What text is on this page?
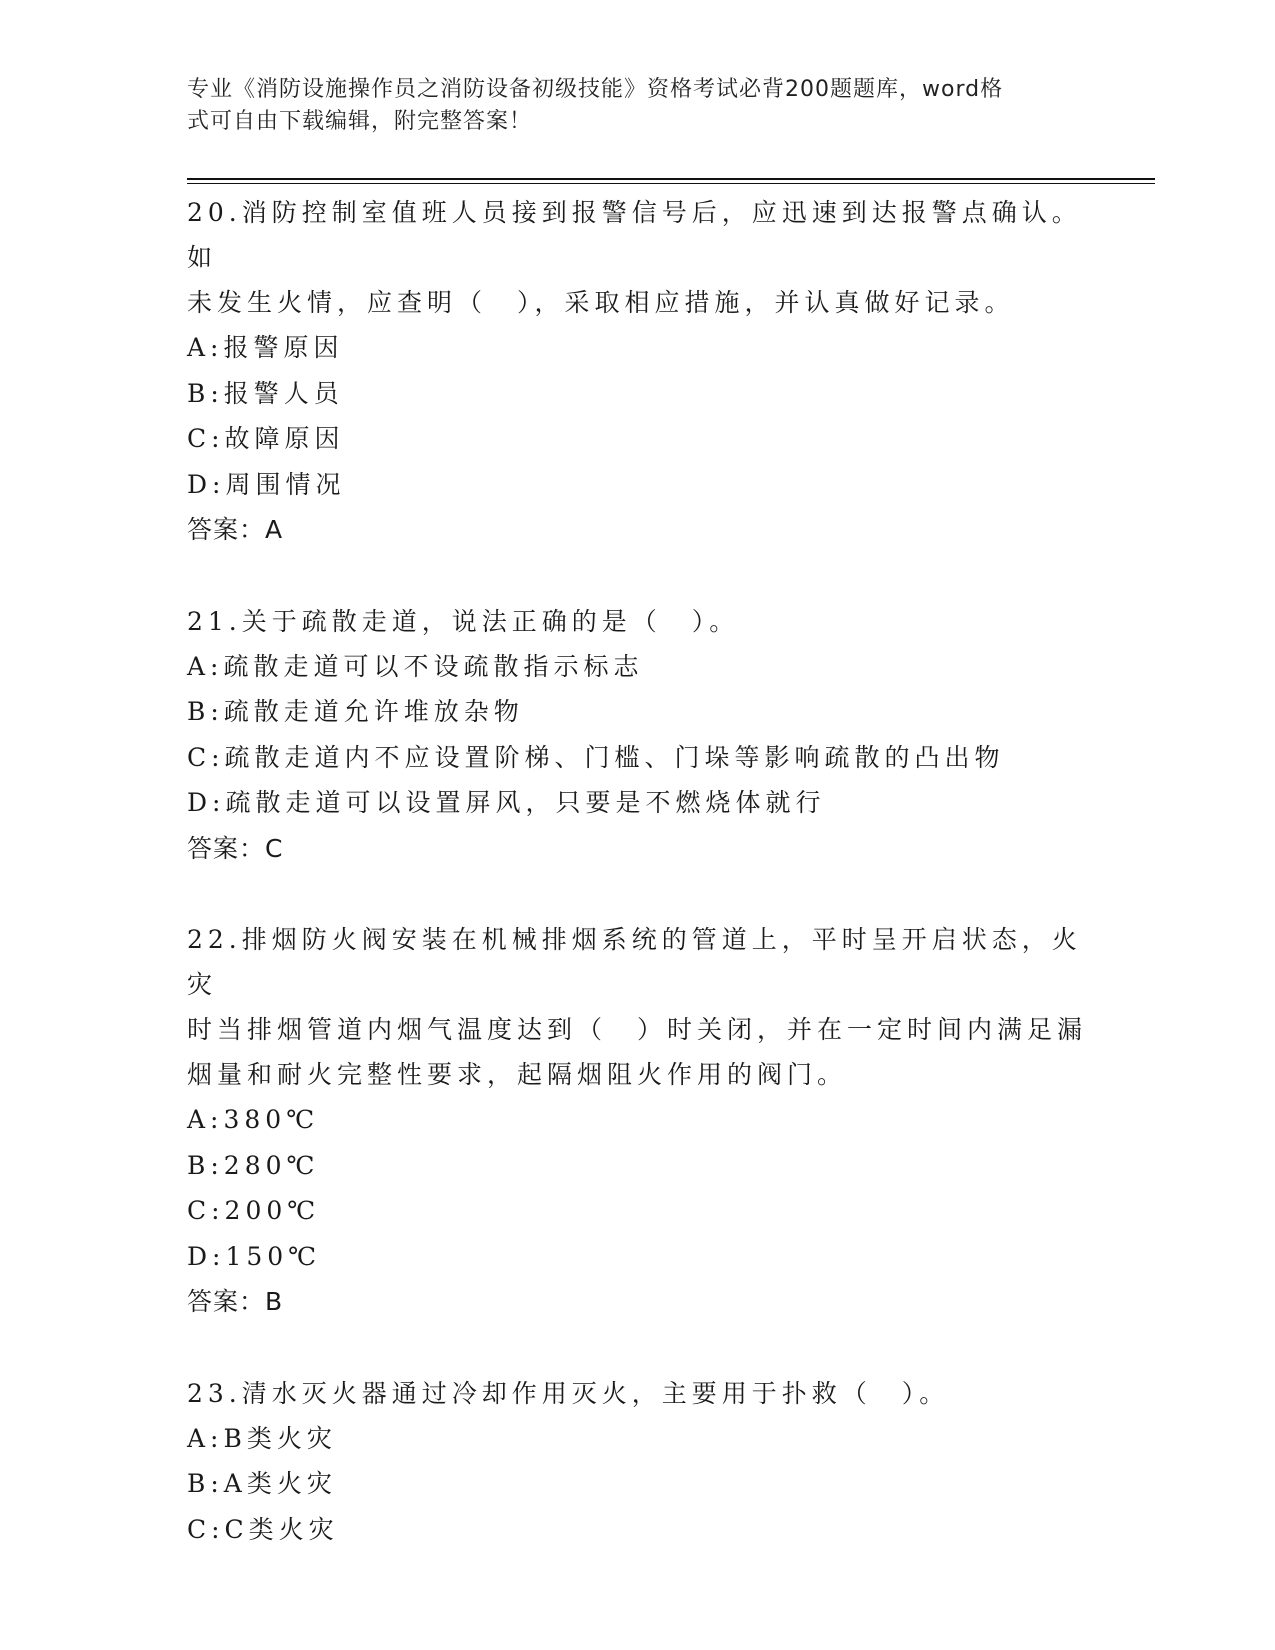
专业《消防设施操作员之消防设备初级技能》资格考试必背200题题库，word格
式可自由下载编辑，附完整答案！
20.消防控制室值班人员接到报警信号后，应迅速到达报警点确认。如
未发生火情，应查明（　），采取相应措施，并认真做好记录。
A:报警原因
B:报警人员
C:故障原因
D:周围情况
答案：A
21.关于疏散走道，说法正确的是（　）。
A:疏散走道可以不设疏散指示标志
B:疏散走道允许堆放杂物
C:疏散走道内不应设置阶梯、门槛、门垛等影响疏散的凸出物
D:疏散走道可以设置屏风，只要是不燃烧体就行
答案：C
22.排烟防火阀安装在机械排烟系统的管道上，平时呈开启状态，火灾
时当排烟管道内烟气温度达到（　）时关闭，并在一定时间内满足漏
烟量和耐火完整性要求，起隔烟阻火作用的阀门。
A:380℃
B:280℃
C:200℃
D:150℃
答案：B
23.清水灭火器通过冷却作用灭火，主要用于扑救（　）。
A:B类火灾
B:A类火灾
C:C类火灾
